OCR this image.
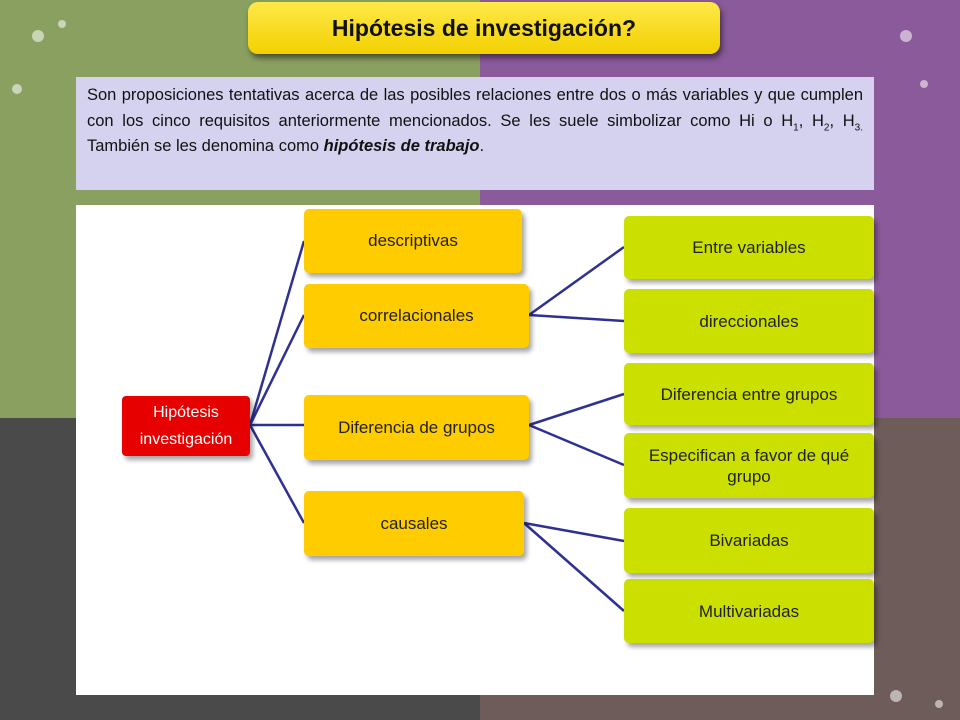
Hipótesis de investigación?
Son proposiciones tentativas acerca de las posibles relaciones entre dos o más variables y que cumplen con los cinco requisitos anteriormente mencionados. Se les suele simbolizar como Hi o $H_1$, $H_2$, $H_{3.}$ También se les denomina como hipótesis de trabajo.
Hipótesis
investigación
descriptivas
correlacionales
Diferencia de grupos
causales
Entre variables
direccionales
Diferencia entre grupos
Especifican a favor de qué grupo
Bivariadas
Multivariadas
